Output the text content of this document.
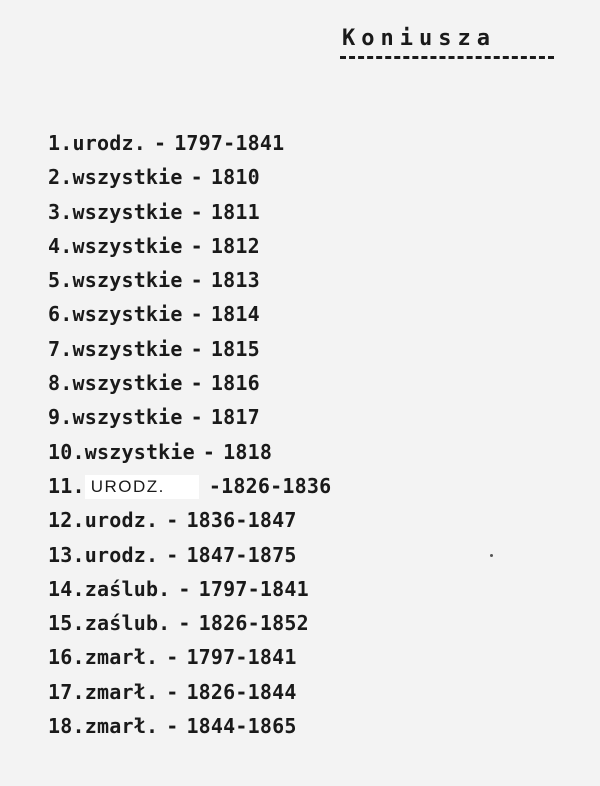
Koniusza
1.urodz. - 1797-1841
2.wszystkie - 1810
3.wszystkie - 1811
4.wszystkie - 1812
5.wszystkie - 1813
6.wszystkie - 1814
7.wszystkie - 1815
8.wszystkie - 1816
9.wszystkie - 1817
10.wszystkie - 1818
11. URODZ. -1826-1836
12.urodz. - 1836-1847
13.urodz. - 1847-1875
14.zaślub. - 1797-1841
15.zaślub. - 1826-1852
16.zmarł. - 1797-1841
17.zmarł. - 1826-1844
18.zmarł. - 1844-1865
